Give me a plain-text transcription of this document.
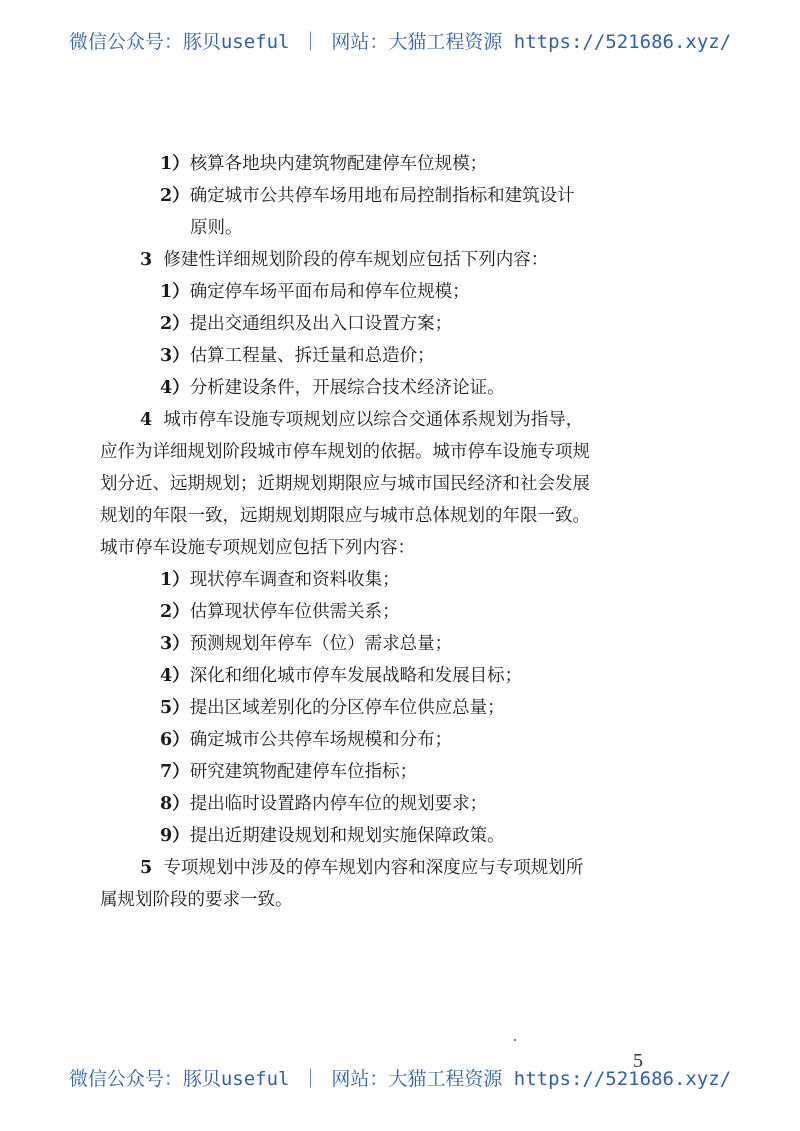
微信公众号：豚贝useful ｜ 网站：大猫工程资源 https://521686.xyz/
1）核算各地块内建筑物配建停车位规模；
2）确定城市公共停车场用地布局控制指标和建筑设计
原则。
3  修建性详细规划阶段的停车规划应包括下列内容：
1）确定停车场平面布局和停车位规模；
2）提出交通组织及出入口设置方案；
3）估算工程量、拆迁量和总造价；
4）分析建设条件，开展综合技术经济论证。
4  城市停车设施专项规划应以综合交通体系规划为指导，
应作为详细规划阶段城市停车规划的依据。城市停车设施专项规
划分近、远期规划；近期规划期限应与城市国民经济和社会发展
规划的年限一致，远期规划期限应与城市总体规划的年限一致。
城市停车设施专项规划应包括下列内容：
1）现状停车调查和资料收集；
2）估算现状停车位供需关系；
3）预测规划年停车（位）需求总量；
4）深化和细化城市停车发展战略和发展目标；
5）提出区域差别化的分区停车位供应总量；
6）确定城市公共停车场规模和分布；
7）研究建筑物配建停车位指标；
8）提出临时设置路内停车位的规划要求；
9）提出近期建设规划和规划实施保障政策。
5  专项规划中涉及的停车规划内容和深度应与专项规划所
属规划阶段的要求一致。
5
微信公众号：豚贝useful ｜ 网站：大猫工程资源 https://521686.xyz/
